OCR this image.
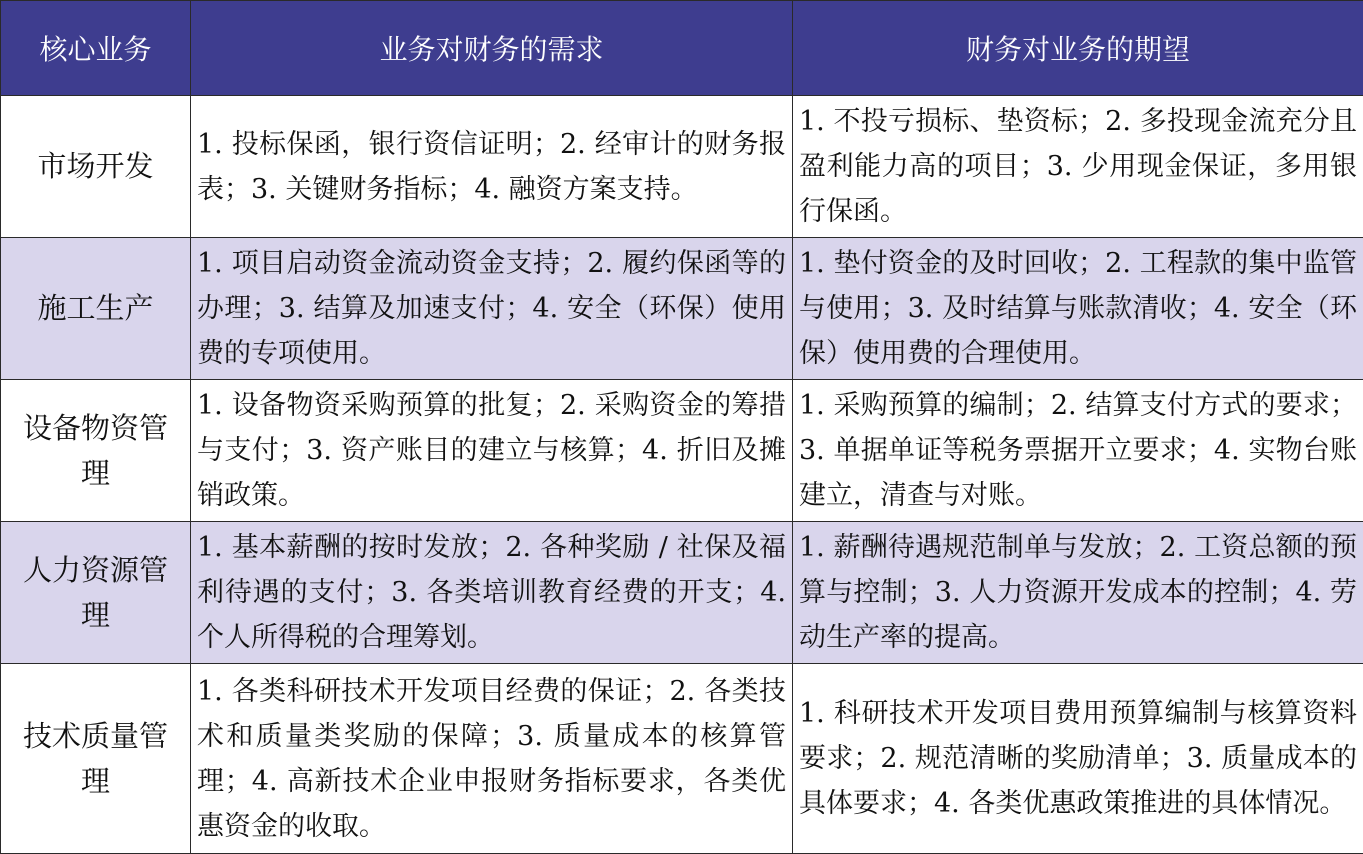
核心业务	业务对财务的需求	财务对业务的期望
市场开发	1. 投标保函，银行资信证明；2. 经审计的财务报表；3. 关键财务指标；4. 融资方案支持。	1. 不投亏损标、垫资标；2. 多投现金流充分且盈利能力高的项目；3. 少用现金保证，多用银行保函。
施工生产	1. 项目启动资金流动资金支持；2. 履约保函等的办理；3. 结算及加速支付；4. 安全（环保）使用费的专项使用。	1. 垫付资金的及时回收；2. 工程款的集中监管与使用；3. 及时结算与账款清收；4. 安全（环保）使用费的合理使用。
设备物资管理	1. 设备物资采购预算的批复；2. 采购资金的筹措与支付；3. 资产账目的建立与核算；4. 折旧及摊销政策。	1. 采购预算的编制；2. 结算支付方式的要求；3. 单据单证等税务票据开立要求；4. 实物台账建立，清查与对账。
人力资源管理	1. 基本薪酬的按时发放；2. 各种奖励 / 社保及福利待遇的支付；3. 各类培训教育经费的开支；4. 个人所得税的合理筹划。	1. 薪酬待遇规范制单与发放；2. 工资总额的预算与控制；3. 人力资源开发成本的控制；4. 劳动生产率的提高。
技术质量管理	1. 各类科研技术开发项目经费的保证；2. 各类技术和质量类奖励的保障；3. 质量成本的核算管理；4. 高新技术企业申报财务指标要求，各类优惠资金的收取。	1. 科研技术开发项目费用预算编制与核算资料要求；2. 规范清晰的奖励清单；3. 质量成本的具体要求；4. 各类优惠政策推进的具体情况。
